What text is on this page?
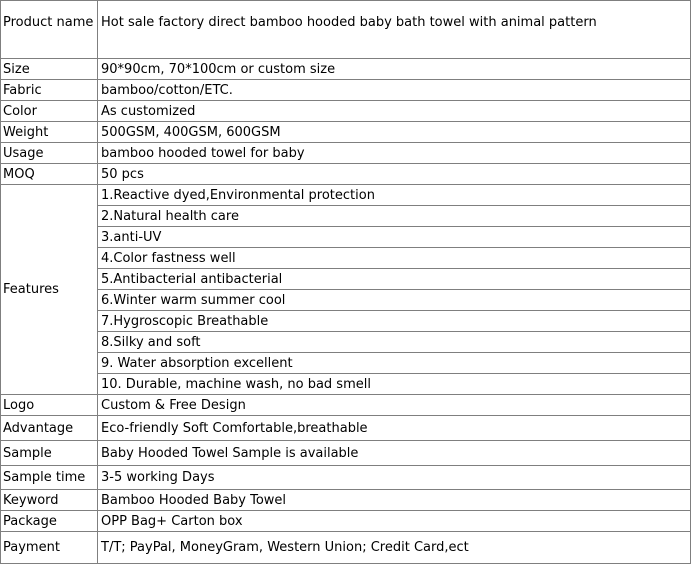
Product name	Hot sale factory direct bamboo hooded baby bath towel with animal pattern
Size	90*90cm, 70*100cm or custom size
Fabric	bamboo/cotton/ETC.
Color	As customized
Weight	500GSM, 400GSM, 600GSM
Usage	bamboo hooded towel for baby
MOQ	50 pcs
Features	1.Reactive dyed,Environmental protection
	2.Natural health care
	3.anti-UV
	4.Color fastness well
	5.Antibacterial antibacterial
	6.Winter warm summer cool
	7.Hygroscopic Breathable
	8.Silky and soft
	9. Water absorption excellent
	10. Durable, machine wash, no bad smell
Logo	Custom & Free Design
Advantage	Eco-friendly Soft Comfortable,breathable
Sample	Baby Hooded Towel Sample is available
Sample time	3-5 working Days
Keyword	Bamboo Hooded Baby Towel
Package	OPP Bag+ Carton box
Payment	T/T; PayPal, MoneyGram, Western Union; Credit Card,ect
